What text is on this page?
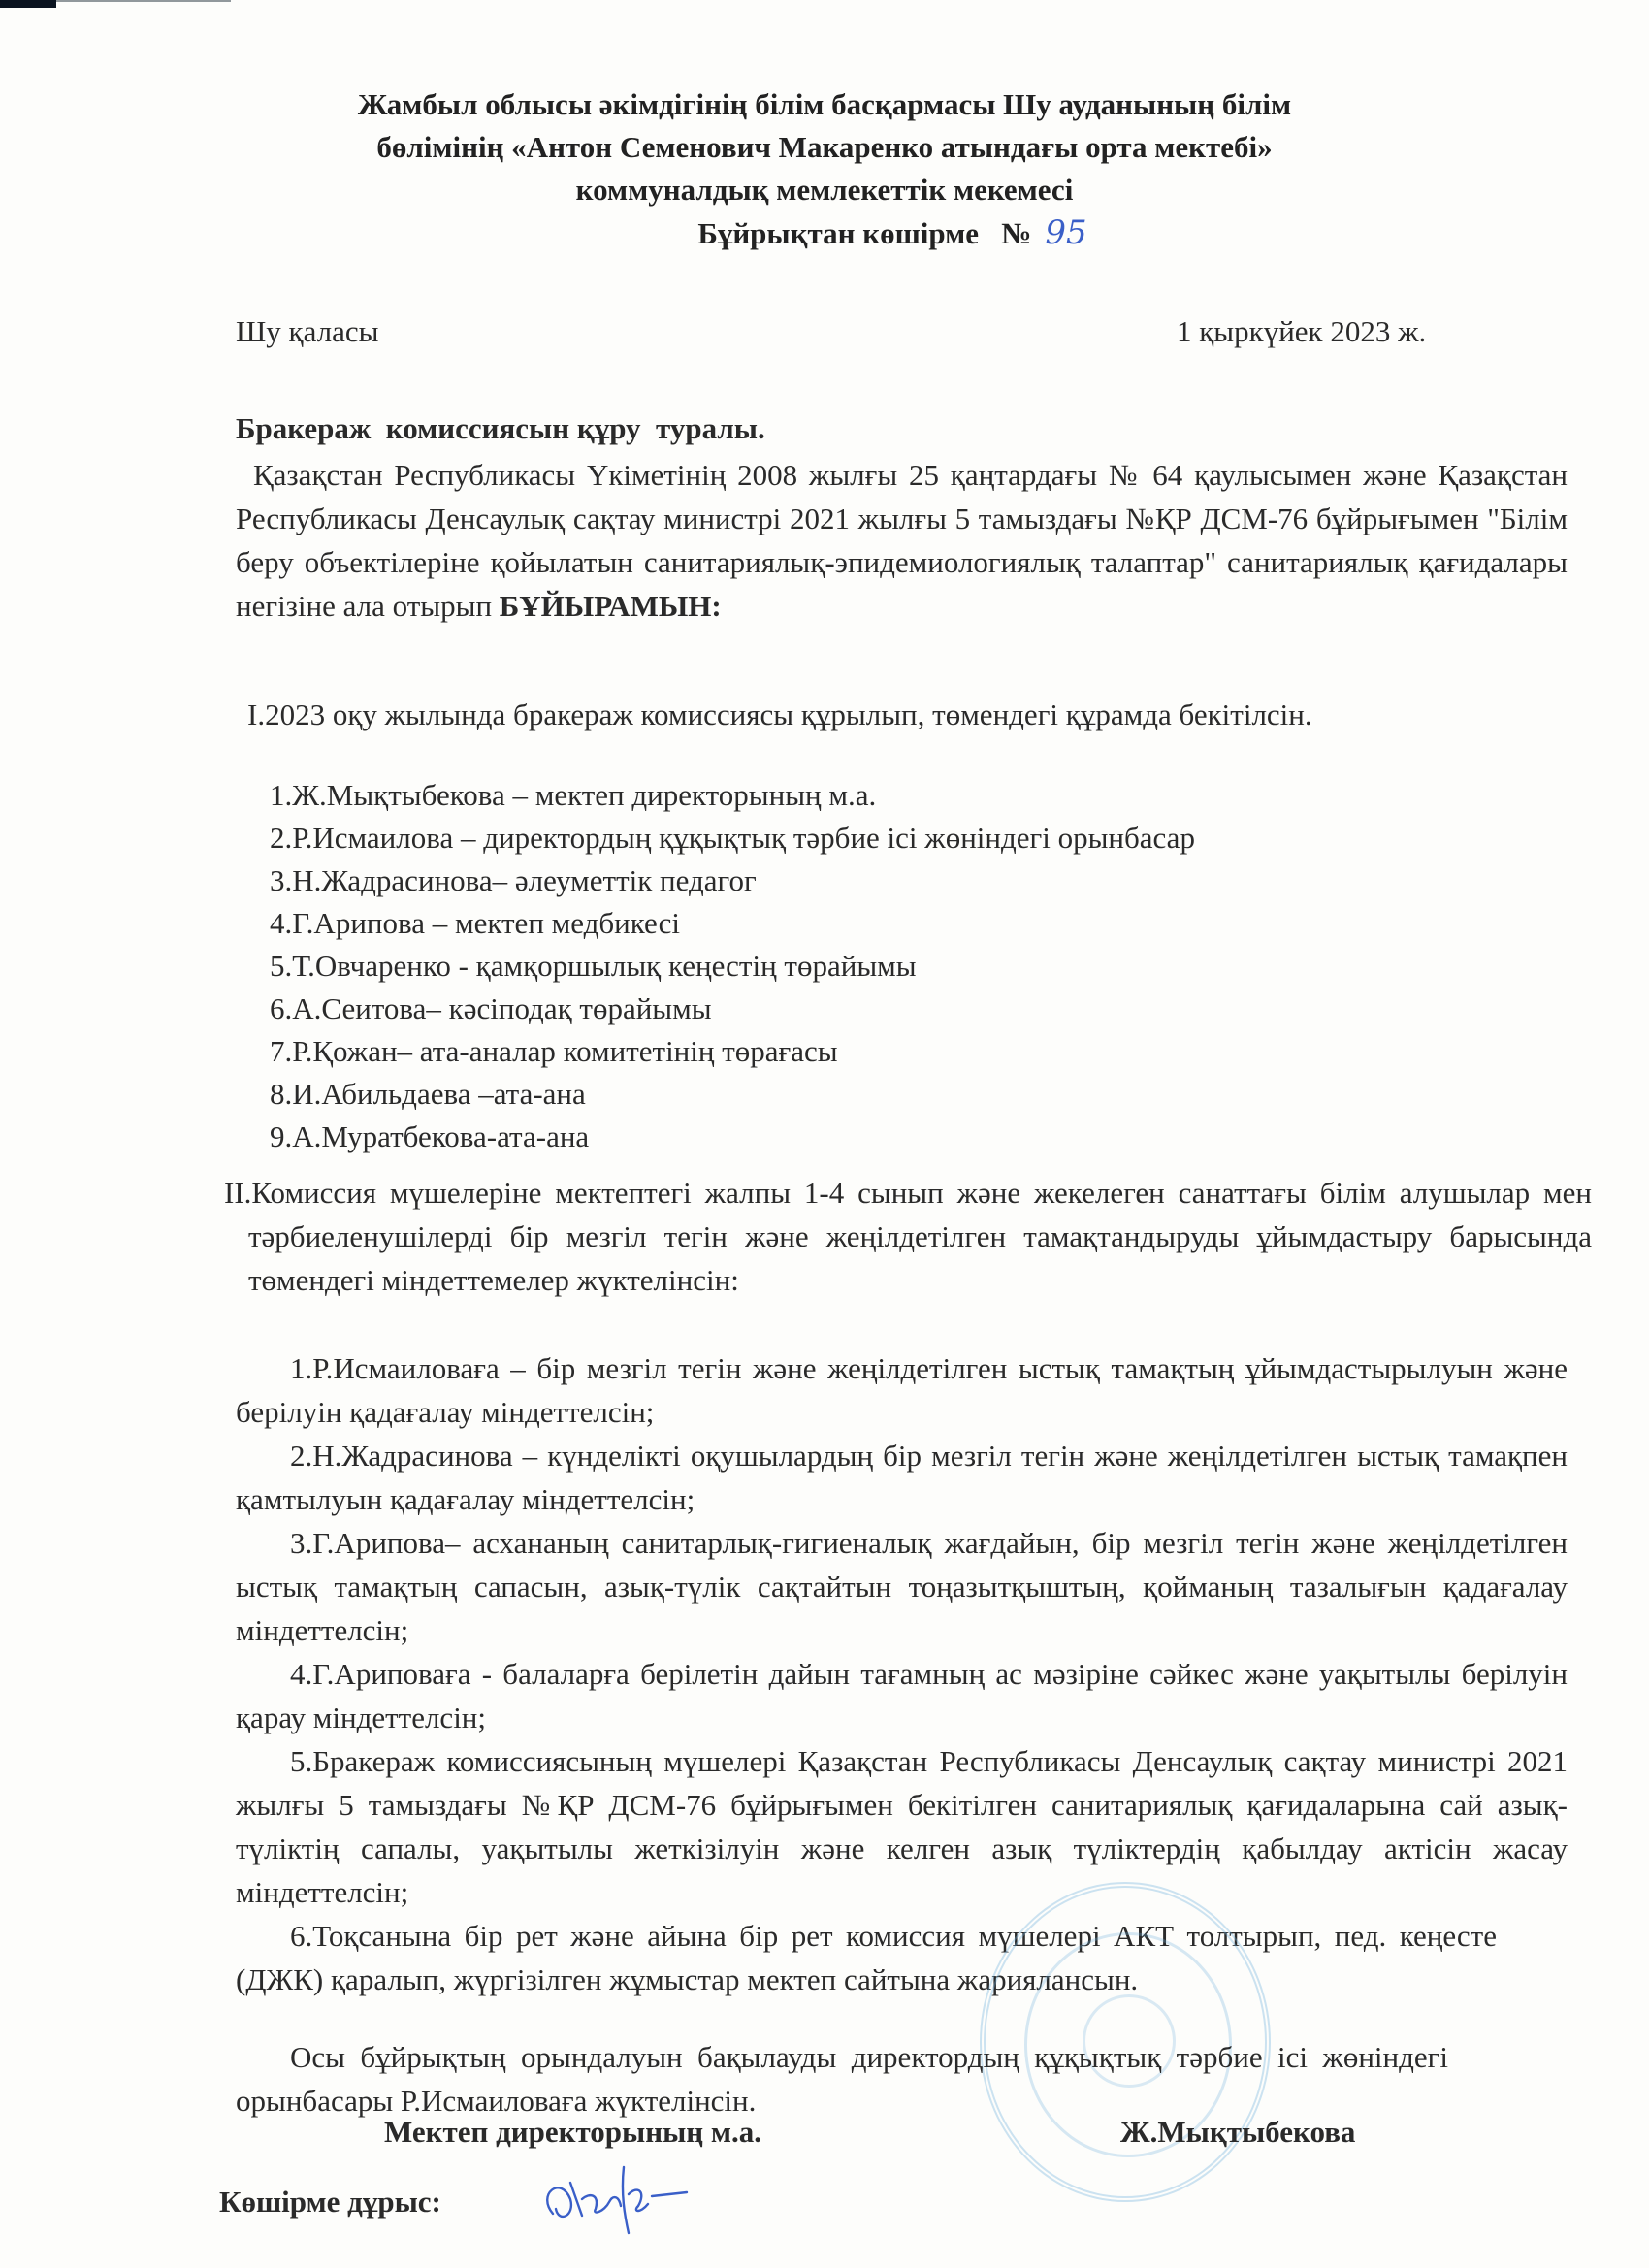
Жамбыл облысы әкімдігінің білім басқармасы Шу ауданының білім
бөлімінің «Антон Семенович Макаренко атындағы орта мектебі»
коммуналдық мемлекеттік мекемесі
Бұйрықтан көшірме   № 95
Шу қаласы	1 қыркүйек 2023 ж.
Бракераж  комиссиясын құру  туралы.
Қазақстан Республикасы Үкіметінің 2008 жылғы 25 қаңтардағы № 64 қаулысымен және Қазақстан Республикасы Денсаулық сақтау министрі 2021 жылғы 5 тамыздағы №ҚР ДСМ-76 бұйрығымен "Білім беру объектілеріне қойылатын санитариялық-эпидемиологиялық талаптар" санитариялық қағидалары негізіне ала отырып БҰЙЫРАМЫН:
I.2023 оқу жылында бракераж комиссиясы құрылып, төмендегі құрамда бекітілсін.
1.Ж.Мықтыбекова – мектеп директорының м.а.
2.Р.Исмаилова – директордың құқықтық тәрбие ісі жөніндегі орынбасар
3.Н.Жадрасинова– әлеуметтік педагог
4.Г.Арипова – мектеп медбикесі
5.Т.Овчаренко - қамқоршылық кеңестің төрайымы
6.А.Сеитова– кәсіподақ төрайымы
7.Р.Қожан– ата-аналар комитетінің төрағасы
8.И.Абильдаева –ата-ана
9.А.Муратбекова-ата-ана
II.Комиссия мүшелеріне мектептегі жалпы 1-4 сынып және жекелеген санаттағы білім алушылар мен тәрбиеленушілерді бір мезгіл тегін және жеңілдетілген тамақтандыруды ұйымдастыру барысында төмендегі міндеттемелер жүктелінсін:
1.Р.Исмаиловаға – бір мезгіл тегін және жеңілдетілген ыстық тамақтың ұйымдастырылуын және берілуін қадағалау міндеттелсін;
2.Н.Жадрасинова – күнделікті оқушылардың бір мезгіл тегін және жеңілдетілген ыстық тамақпен қамтылуын қадағалау міндеттелсін;
3.Г.Арипова– асхананың санитарлық-гигиеналық жағдайын, бір мезгіл тегін және жеңілдетілген ыстық тамақтың сапасын, азық-түлік сақтайтын тоңазытқыштың, қойманың тазалығын қадағалау міндеттелсін;
4.Г.Ариповаға - балаларға берілетін дайын тағамның ас мәзіріне сәйкес және уақытылы берілуін қарау міндеттелсін;
5.Бракераж комиссиясының мүшелері Қазақстан Республикасы Денсаулық сақтау министрі 2021 жылғы 5 тамыздағы №ҚР ДСМ-76 бұйрығымен бекітілген санитариялық қағидаларына сай азық-түліктің сапалы, уақытылы жеткізілуін және келген азық түліктердің қабылдау актісін жасау міндеттелсін;
6.Тоқсанына бір рет және айына бір рет комиссия мүшелері АКТ толтырып, пед. кеңесте (ДЖК) қаралып, жүргізілген жұмыстар мектеп сайтына жариялансын.
Осы бұйрықтың орындалуын бақылауды директордың құқықтық тәрбие ісі жөніндегі орынбасары Р.Исмаиловаға жүктелінсін.
Мектеп директорының м.а.	Ж.Мықтыбекова
Көшірме дұрыс:
